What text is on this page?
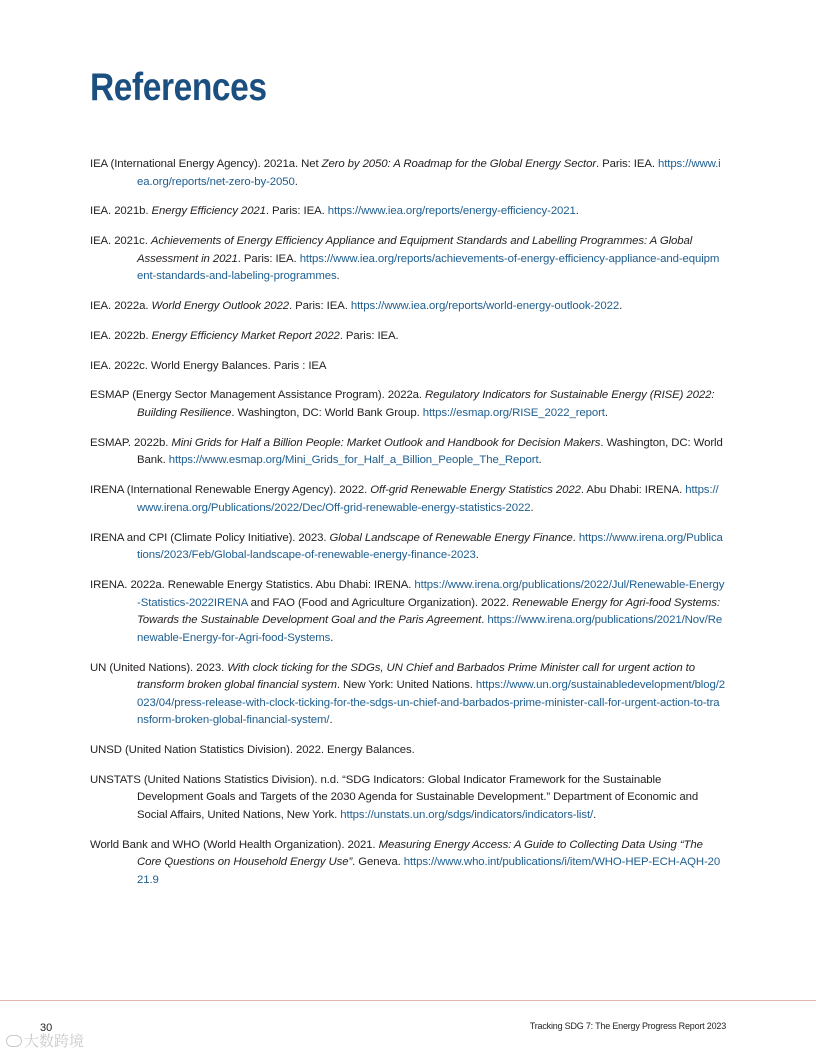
References

IEA (International Energy Agency). 2021a. Net Zero by 2050: A Roadmap for the Global Energy Sector. Paris: IEA. https://www.iea.org/reports/net-zero-by-2050.

IEA. 2021b. Energy Efficiency 2021. Paris: IEA. https://www.iea.org/reports/energy-efficiency-2021.

IEA. 2021c. Achievements of Energy Efficiency Appliance and Equipment Standards and Labelling Programmes: A Global Assessment in 2021. Paris: IEA. https://www.iea.org/reports/achievements-of-energy-efficiency-appliance-and-equipment-standards-and-labeling-programmes.

IEA. 2022a. World Energy Outlook 2022. Paris: IEA. https://www.iea.org/reports/world-energy-outlook-2022.

IEA. 2022b. Energy Efficiency Market Report 2022. Paris: IEA.

IEA. 2022c. World Energy Balances. Paris : IEA

ESMAP (Energy Sector Management Assistance Program). 2022a. Regulatory Indicators for Sustainable Energy (RISE) 2022: Building Resilience. Washington, DC: World Bank Group. https://esmap.org/RISE_2022_report.

ESMAP. 2022b. Mini Grids for Half a Billion People: Market Outlook and Handbook for Decision Makers. Washington, DC: World Bank. https://www.esmap.org/Mini_Grids_for_Half_a_Billion_People_The_Report.

IRENA (International Renewable Energy Agency). 2022. Off-grid Renewable Energy Statistics 2022. Abu Dhabi: IRENA. https://www.irena.org/Publications/2022/Dec/Off-grid-renewable-energy-statistics-2022.

IRENA and CPI (Climate Policy Initiative). 2023. Global Landscape of Renewable Energy Finance. https://www.irena.org/Publications/2023/Feb/Global-landscape-of-renewable-energy-finance-2023.

IRENA. 2022a. Renewable Energy Statistics. Abu Dhabi: IRENA. https://www.irena.org/publications/2022/Jul/Renewable-Energy-Statistics-2022IRENA and FAO (Food and Agriculture Organization). 2022. Renewable Energy for Agri-food Systems: Towards the Sustainable Development Goal and the Paris Agreement. https://www.irena.org/publications/2021/Nov/Renewable-Energy-for-Agri-food-Systems.

UN (United Nations). 2023. With clock ticking for the SDGs, UN Chief and Barbados Prime Minister call for urgent action to transform broken global financial system. New York: United Nations. https://www.un.org/sustainabledevelopment/blog/2023/04/press-release-with-clock-ticking-for-the-sdgs-un-chief-and-barbados-prime-minister-call-for-urgent-action-to-transform-broken-global-financial-system/.

UNSD (United Nation Statistics Division). 2022. Energy Balances.

UNSTATS (United Nations Statistics Division). n.d. “SDG Indicators: Global Indicator Framework for the Sustainable Development Goals and Targets of the 2030 Agenda for Sustainable Development.” Department of Economic and Social Affairs, United Nations, New York. https://unstats.un.org/sdgs/indicators/indicators-list/.

World Bank and WHO (World Health Organization). 2021. Measuring Energy Access: A Guide to Collecting Data Using “The Core Questions on Household Energy Use”. Geneva. https://www.who.int/publications/i/item/WHO-HEP-ECH-AQH-2021.9

30	Tracking SDG 7: The Energy Progress Report 2023
大数跨境
